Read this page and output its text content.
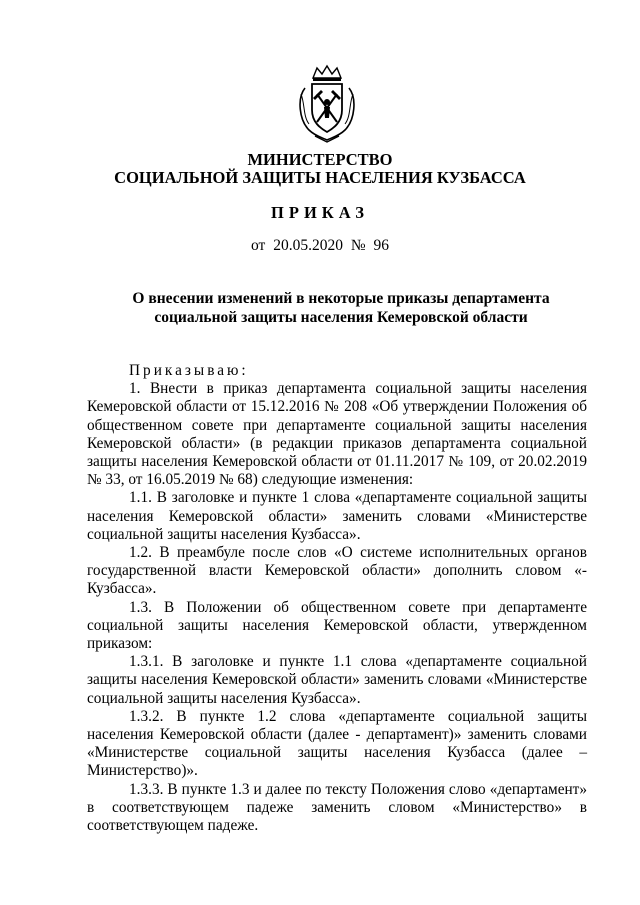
МИНИСТЕРСТВО
СОЦИАЛЬНОЙ ЗАЩИТЫ НАСЕЛЕНИЯ КУЗБАССА
ПРИКАЗ
от 20.05.2020 № 96
О внесении изменений в некоторые приказы департамента социальной защиты населения Кемеровской области

Приказываю:

1. Внести в приказ департамента социальной защиты населения Кемеровской области от 15.12.2016 № 208 «Об утверждении Положения об общественном совете при департаменте социальной защиты населения Кемеровской области» (в редакции приказов департамента социальной защиты населения Кемеровской области от 01.11.2017 № 109, от 20.02.2019 № 33, от 16.05.2019 № 68) следующие изменения:

1.1. В заголовке и пункте 1 слова «департаменте социальной защиты населения Кемеровской области» заменить словами «Министерстве социальной защиты населения Кузбасса».

1.2. В преамбуле после слов «О системе исполнительных органов государственной власти Кемеровской области» дополнить словом «-Кузбасса».

1.3. В Положении об общественном совете при департаменте социальной защиты населения Кемеровской области, утвержденном приказом:

1.3.1. В заголовке и пункте 1.1 слова «департаменте социальной защиты населения Кемеровской области» заменить словами «Министерстве социальной защиты населения Кузбасса».

1.3.2. В пункте 1.2 слова «департаменте социальной защиты населения Кемеровской области (далее - департамент)» заменить словами «Министерстве социальной защиты населения Кузбасса (далее – Министерство)».

1.3.3. В пункте 1.3 и далее по тексту Положения слово «департамент» в соответствующем падеже заменить словом «Министерство» в соответствующем падеже.
